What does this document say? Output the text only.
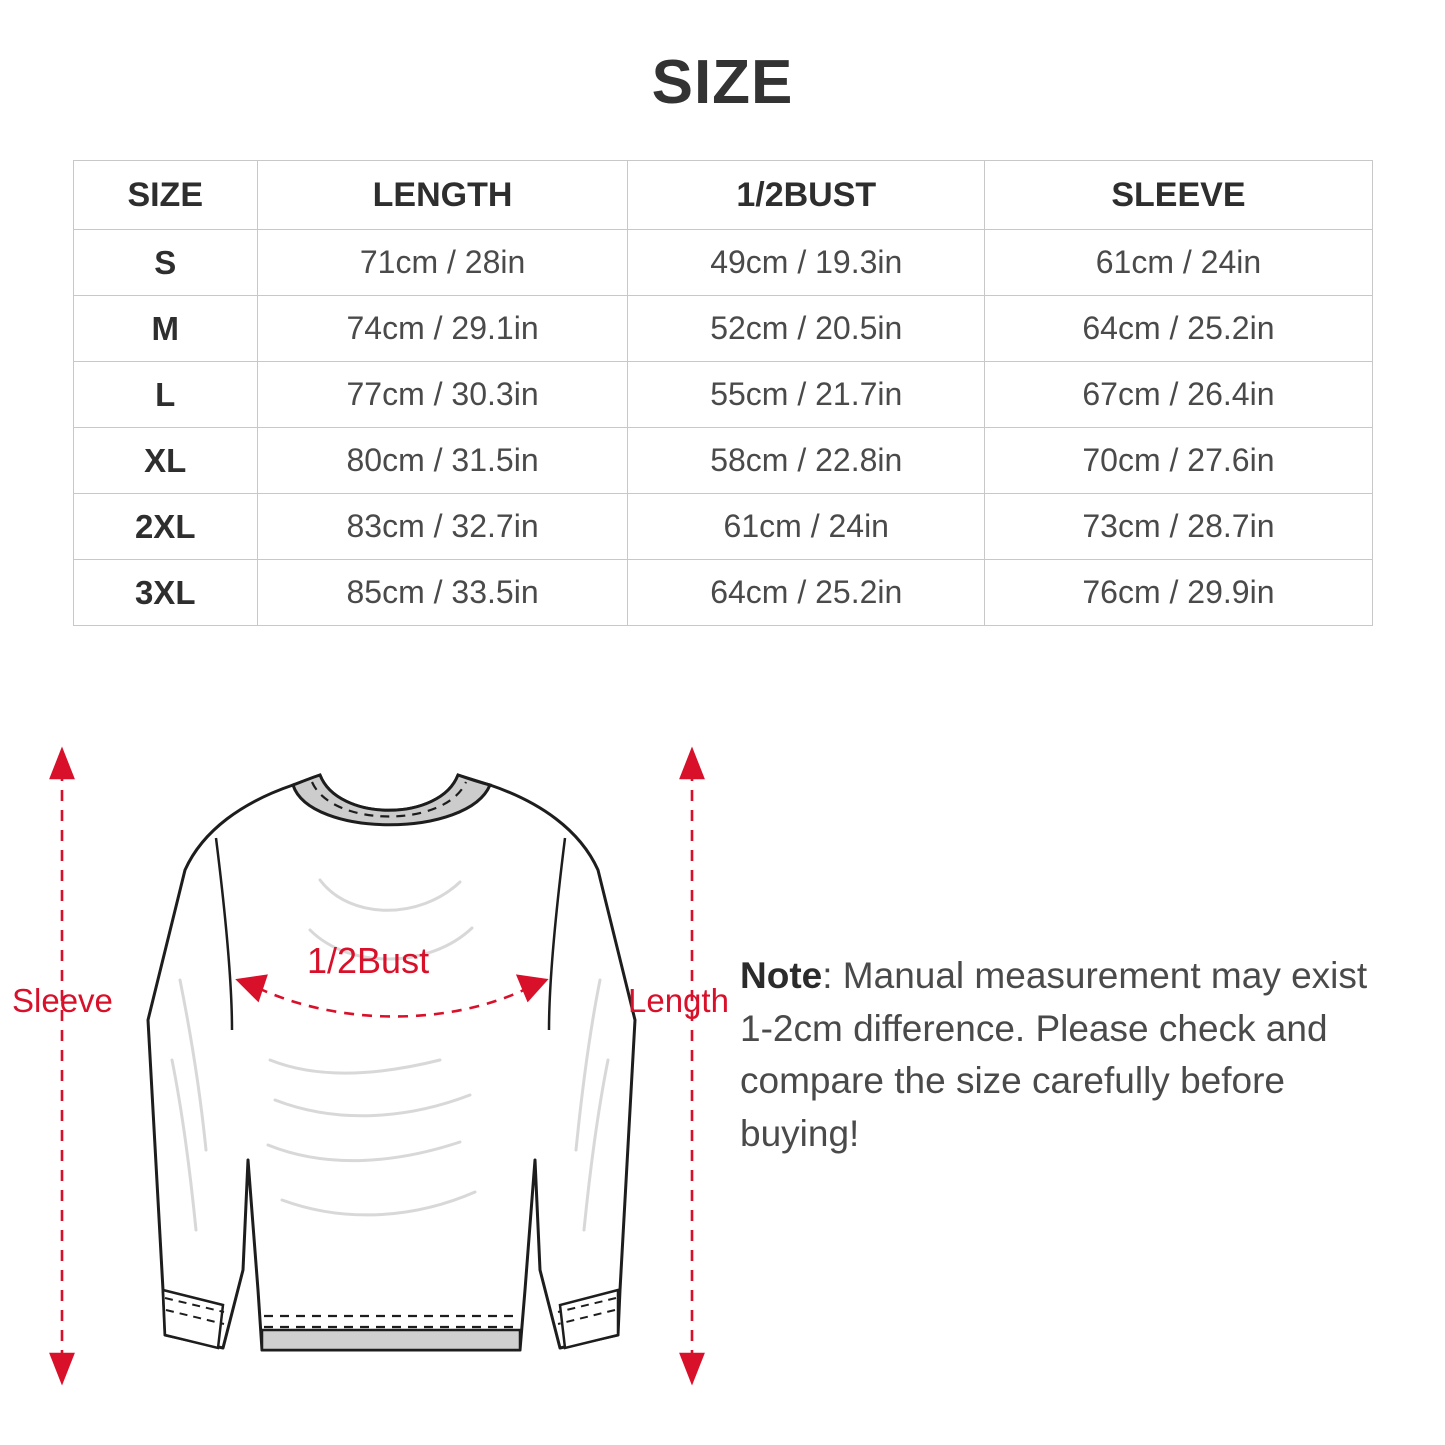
SIZE
SIZE	LENGTH	1/2BUST	SLEEVE
S	71cm / 28in	49cm / 19.3in	61cm / 24in
M	74cm / 29.1in	52cm / 20.5in	64cm / 25.2in
L	77cm / 30.3in	55cm / 21.7in	67cm / 26.4in
XL	80cm / 31.5in	58cm / 22.8in	70cm / 27.6in
2XL	83cm / 32.7in	61cm / 24in	73cm / 28.7in
3XL	85cm / 33.5in	64cm / 25.2in	76cm / 29.9in
Sleeve	Length
1/2Bust	Note: Manual measurement may exist 1-2cm difference. Please check and compare the size carefully before buying!
